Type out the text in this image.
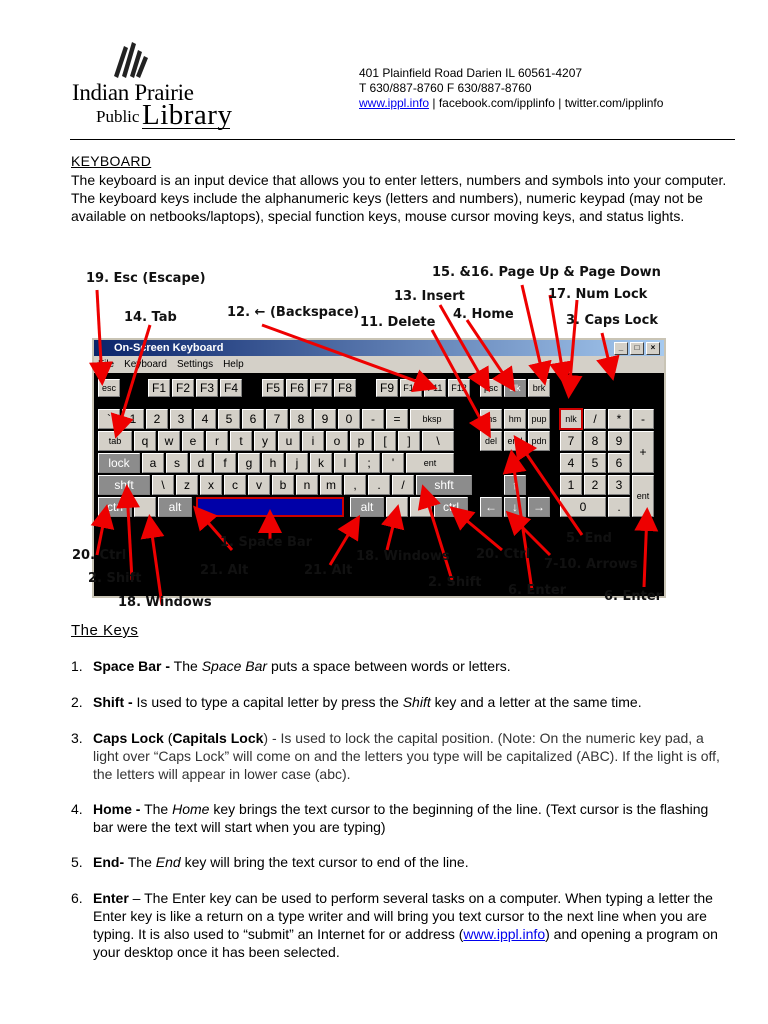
Indian Prairie
Public Library
401 Plainfield Road Darien IL 60561-4207
T 630/887-8760 F 630/887-8760
www.ippl.info | facebook.com/ipplinfo | twitter.com/ipplinfo
KEYBOARD
The keyboard is an input device that allows you to enter letters, numbers and symbols into your computer. The keyboard keys include the alphanumeric keys (letters and numbers), numeric keypad (may not be available on netbooks/laptops), special function keys, mouse cursor moving keys, and status lights.
On-Screen Keyboard	_	□	×
File Keyboard Settings Help
esc	F1 F2 F3 F4	F5 F6 F7 F8	F9	F10 F11 F12	psc	slk	brk
`	1	2	3	4	5	6	7	8	9	0	-	=	bksp	ins	hm	pup	nlk	/	*	-
tab	q	w	e	r	t	y	u	i	o	p	[	]	\	del	end pdn	7	8	9
+
lock	a	s	d	f	g	h	j	k	l	;	'	ent	4	5	6
shft	\	z	x	c	v	b	n	m	,	.	/	shft	↑	1	2	3
ent
ctrl	alt	alt	ctrl	←	↓	→	0	.
19. Esc (Escape)
14. Tab	12. ← (Backspace)
13. Insert
11. Delete
4. Home
15. &16. Page Up & Page Down
17. Num Lock
3. Caps Lock
20. Ctrl
2. Shift
18. Windows
1. Space Bar
21. Alt	21. Alt
18. Windows
2. Shift
20. Ctrl
5. End
7-10. Arrows
6. Enter	6. Enter
The Keys
1. Space Bar - The Space Bar puts a space between words or letters.
2. Shift - Is used to type a capital letter by press the Shift key and a letter at the same time.
3. Caps Lock (Capitals Lock) - Is used to lock the capital position. (Note: On the numeric key pad, a light over “Caps Lock” will come on and the letters you type will be capitalized (ABC). If the light is off, the letters will appear in lower case (abc).
4. Home - The Home key brings the text cursor to the beginning of the line. (Text cursor is the flashing bar were the text will start when you are typing)
5. End- The End key will bring the text cursor to end of the line.
6. Enter – The Enter key can be used to perform several tasks on a computer. When typing a letter the Enter key is like a return on a type writer and will bring you text cursor to the next line when you are typing. It is also used to “submit” an Internet for or address (www.ippl.info) and opening a program on your desktop once it has been selected.
